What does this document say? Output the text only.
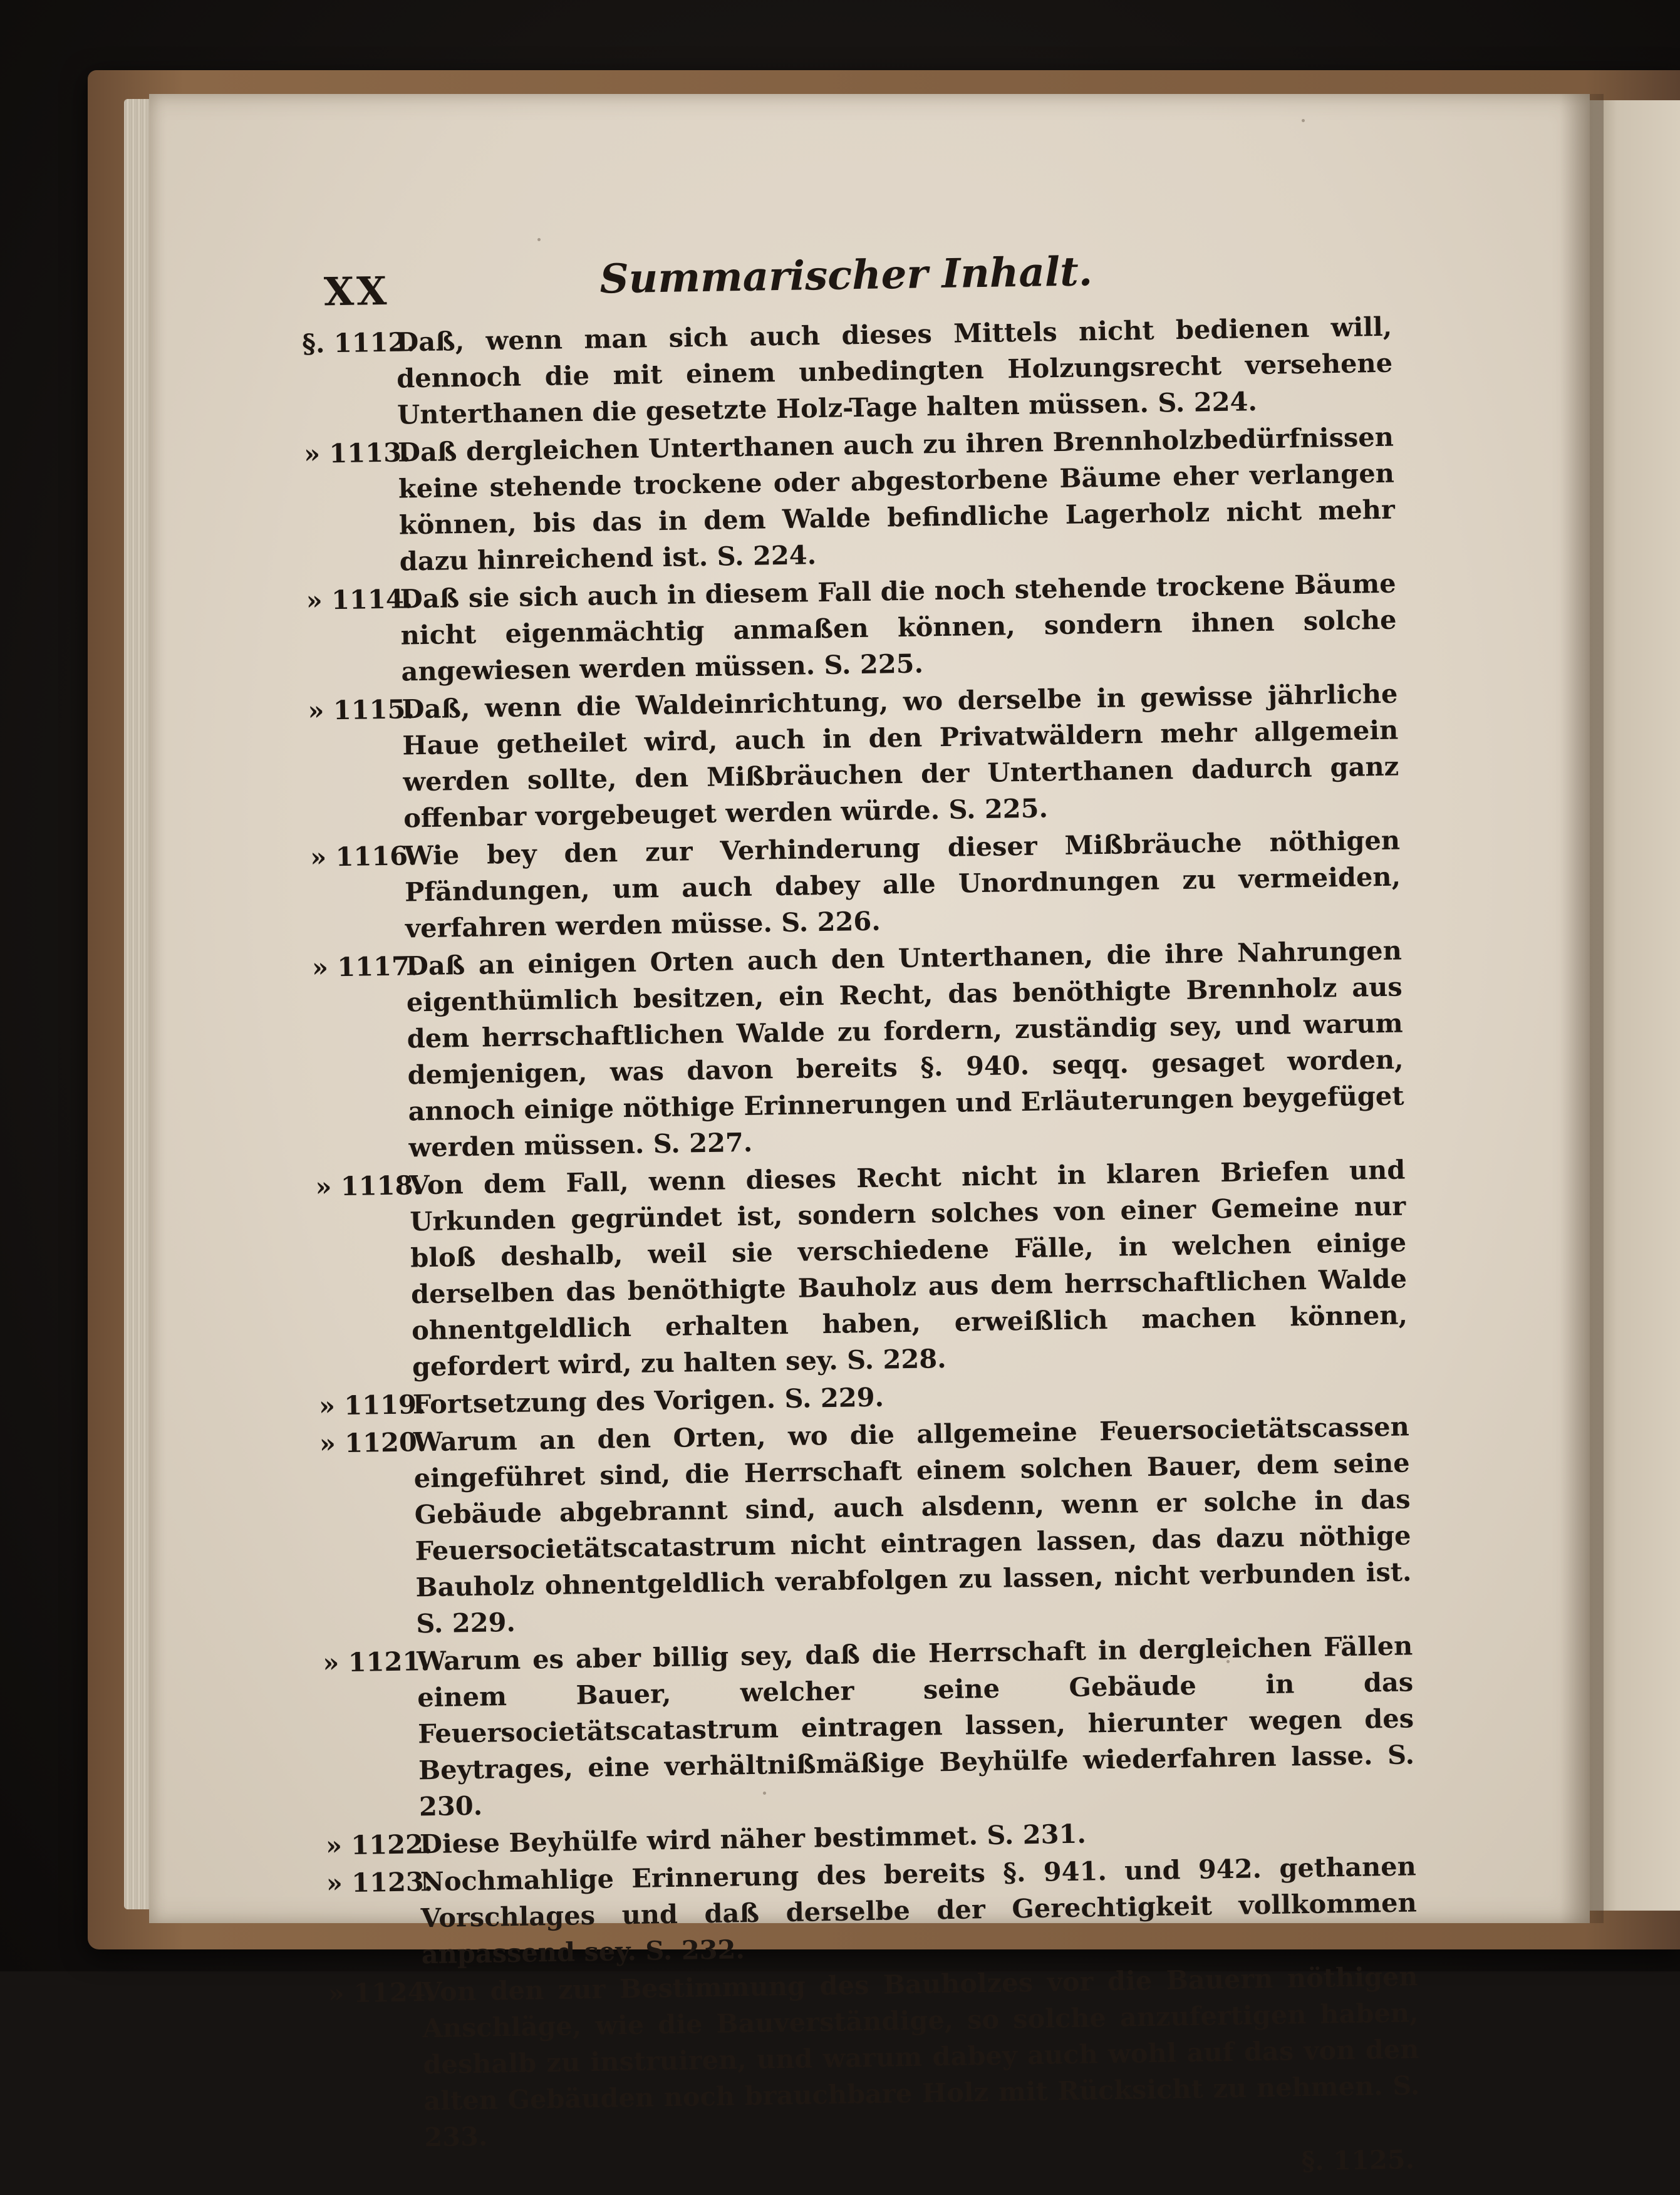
XX	Summarischer Inhalt.
§. 1112.
Daß, wenn man sich auch dieses Mittels nicht bedienen will, dennoch die mit einem unbedingten Holzungsrecht versehene Unterthanen die gesetzte Holz-Tage halten müssen. S. 224.
» 1113.
Daß dergleichen Unterthanen auch zu ihren Brennholzbedürfnissen keine stehende trockene oder abgestorbene Bäume eher verlangen können, bis das in dem Walde befindliche Lagerholz nicht mehr dazu hinreichend ist. S. 224.
» 1114.
Daß sie sich auch in diesem Fall die noch stehende trockene Bäume nicht eigenmächtig anmaßen können, sondern ihnen solche angewiesen werden müssen. S. 225.
» 1115.
Daß, wenn die Waldeinrichtung, wo derselbe in gewisse jährliche Haue getheilet wird, auch in den Privatwäldern mehr allgemein werden sollte, den Mißbräuchen der Unterthanen dadurch ganz offenbar vorgebeuget werden würde. S. 225.
» 1116.
Wie bey den zur Verhinderung dieser Mißbräuche nöthigen Pfändungen, um auch dabey alle Unordnungen zu vermeiden, verfahren werden müsse. S. 226.
» 1117.
Daß an einigen Orten auch den Unterthanen, die ihre Nahrungen eigenthümlich besitzen, ein Recht, das benöthigte Brennholz aus dem herrschaftlichen Walde zu fordern, zuständig sey, und warum demjenigen, was davon bereits §. 940. seqq. gesaget worden, annoch einige nöthige Erinnerungen und Erläuterungen beygefüget werden müssen. S. 227.
» 1118.
Von dem Fall, wenn dieses Recht nicht in klaren Briefen und Urkunden gegründet ist, sondern solches von einer Gemeine nur bloß deshalb, weil sie verschiedene Fälle, in welchen einige derselben das benöthigte Bauholz aus dem herrschaftlichen Walde ohnentgeldlich erhalten haben, erweißlich machen können, gefordert wird, zu halten sey. S. 228.
» 1119.
Fortsetzung des Vorigen. S. 229.
» 1120.
Warum an den Orten, wo die allgemeine Feuersocietätscassen eingeführet sind, die Herrschaft einem solchen Bauer, dem seine Gebäude abgebrannt sind, auch alsdenn, wenn er solche in das Feuersocietätscatastrum nicht eintragen lassen, das dazu nöthige Bauholz ohnentgeldlich verabfolgen zu lassen, nicht verbunden ist. S. 229.
» 1121.
Warum es aber billig sey, daß die Herrschaft in dergleichen Fällen einem Bauer, welcher seine Gebäude in das Feuersocietätscatastrum eintragen lassen, hierunter wegen des Beytrages, eine verhältnißmäßige Beyhülfe wiederfahren lasse. S. 230.
» 1122.
Diese Beyhülfe wird näher bestimmet. S. 231.
» 1123.
Nochmahlige Erinnerung des bereits §. 941. und 942. gethanen Vorschlages und daß derselbe der Gerechtigkeit vollkommen anpassend sey. S. 232.
» 1124.
Von den zur Bestimmung des Bauholzes vor die Bauern nöthigen Anschläge, wie die Bauverständige, so solche anzufertigen haben, deshalb zu instruiren, und warum dabey auch wohl auf das von den alten Gebäuden noch brauchbare Holz mit Rücksicht zu nehmen. S. 233.
§. 1125.
